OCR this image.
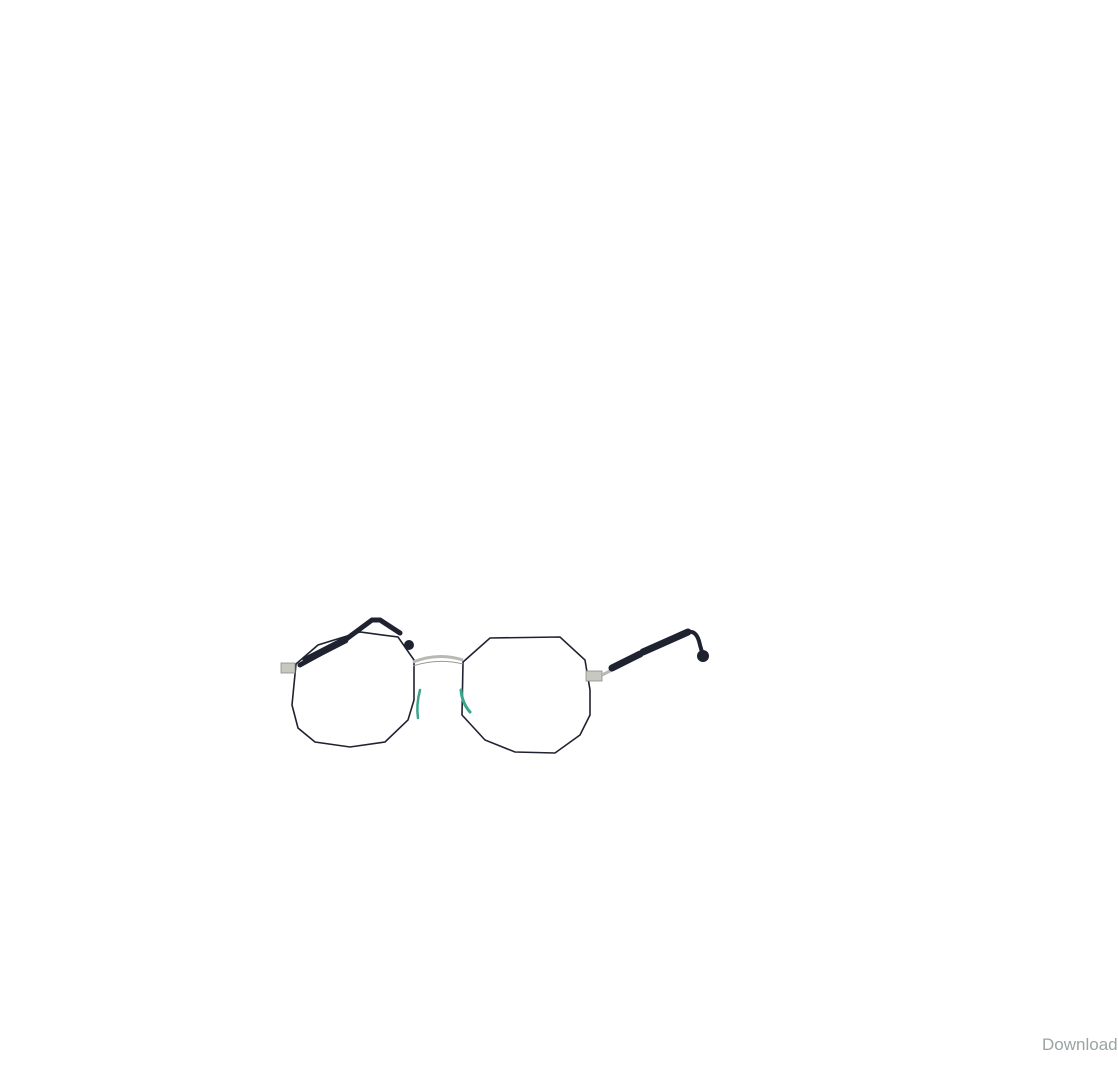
Download
